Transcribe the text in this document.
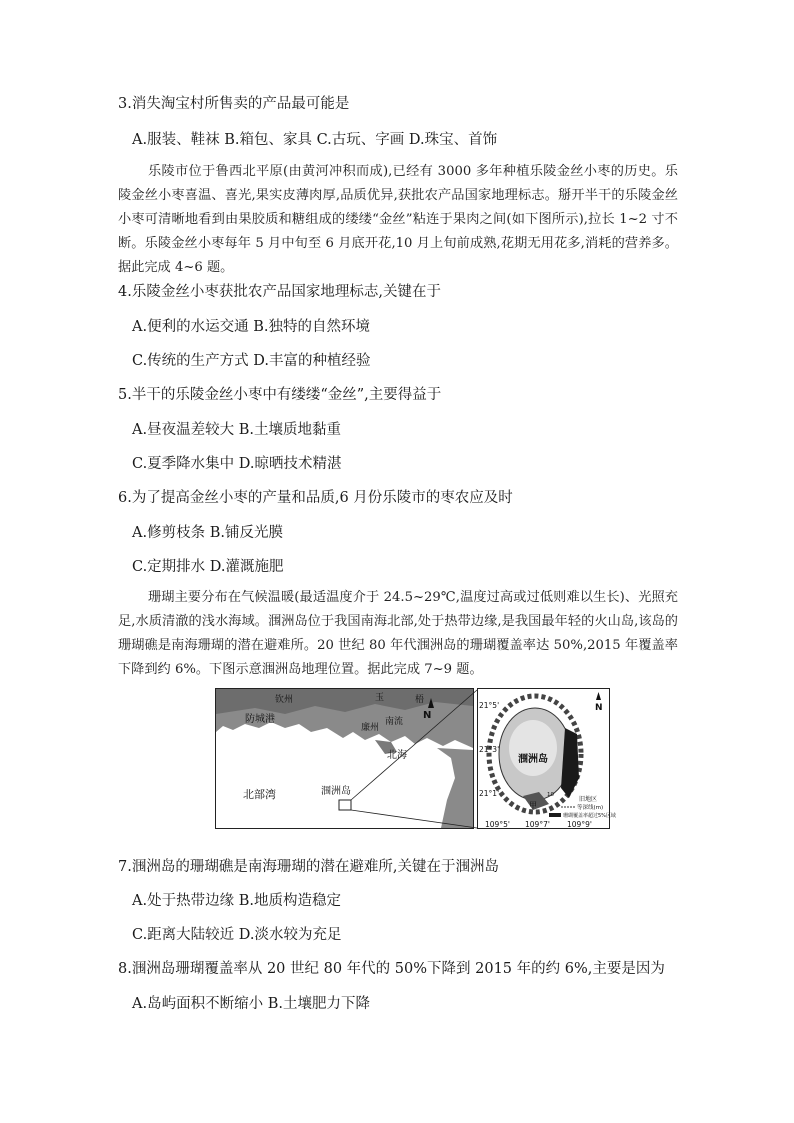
3.消失淘宝村所售卖的产品最可能是
A.服装、鞋袜 B.箱包、家具 C.古玩、字画 D.珠宝、首饰
乐陵市位于鲁西北平原(由黄河冲积而成),已经有 3000 多年种植乐陵金丝小枣的历史。乐陵金丝小枣喜温、喜光,果实皮薄肉厚,品质优异,获批农产品国家地理标志。掰开半干的乐陵金丝小枣可清晰地看到由果胶质和糖组成的缕缕“金丝”粘连于果肉之间(如下图所示),拉长 1~2 寸不断。乐陵金丝小枣每年 5 月中旬至 6 月底开花,10 月上旬前成熟,花期无用花多,消耗的营养多。据此完成 4~6 题。
4.乐陵金丝小枣获批农产品国家地理标志,关键在于
A.便利的水运交通 B.独特的自然环境
C.传统的生产方式 D.丰富的种植经验
5.半干的乐陵金丝小枣中有缕缕“金丝”,主要得益于
A.昼夜温差较大 B.土壤质地黏重
C.夏季降水集中 D.晾晒技术精湛
6.为了提高金丝小枣的产量和品质,6 月份乐陵市的枣农应及时
A.修剪枝条 B.铺反光膜
C.定期排水 D.灌溉施肥
珊瑚主要分布在气候温暖(最适温度介于 24.5~29℃,温度过高或过低则难以生长)、光照充足,水质清澈的浅水海域。涠洲岛位于我国南海北部,处于热带边缘,是我国最年轻的火山岛,该岛的珊瑚礁是南海珊瑚的潜在避难所。20 世纪 80 年代涠洲岛的珊瑚覆盖率达 50%,2015 年覆盖率下降到约 6%。下图示意涠洲岛地理位置。据此完成 7~9 题。
防城港
钦州
南流
廉州
玉	梧
北海
北部湾	涠洲岛
N
涠洲岛
甲
21°5'
21°3'
21°1'
109°5' 109°7' 109°9'
N
10
旧地区
等深线(m)
珊瑚覆盖率超过5%区域
7.涠洲岛的珊瑚礁是南海珊瑚的潜在避难所,关键在于涠洲岛
A.处于热带边缘 B.地质构造稳定
C.距离大陆较近 D.淡水较为充足
8.涠洲岛珊瑚覆盖率从 20 世纪 80 年代的 50%下降到 2015 年的约 6%,主要是因为
A.岛屿面积不断缩小 B.土壤肥力下降
